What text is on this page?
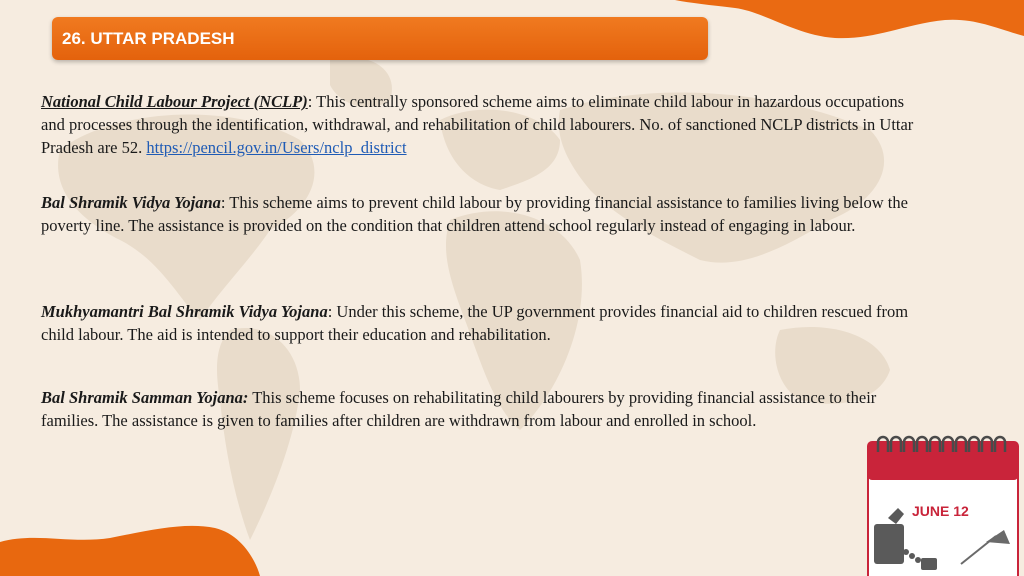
26. UTTAR PRADESH

National Child Labour Project (NCLP): This centrally sponsored scheme aims to eliminate child labour in hazardous occupations and processes through the identification, withdrawal, and rehabilitation of child labourers. No. of sanctioned NCLP districts in Uttar Pradesh are 52. https://pencil.gov.in/Users/nclp_district

Bal Shramik Vidya Yojana: This scheme aims to prevent child labour by providing financial assistance to families living below the poverty line. The assistance is provided on the condition that children attend school regularly instead of engaging in labour.

Mukhyamantri Bal Shramik Vidya Yojana: Under this scheme, the UP government provides financial aid to children rescued from child labour. The aid is intended to support their education and rehabilitation.

Bal Shramik Samman Yojana: This scheme focuses on rehabilitating child labourers by providing financial assistance to their families. The assistance is given to families after children are withdrawn from labour and enrolled in school.

JUNE 12
